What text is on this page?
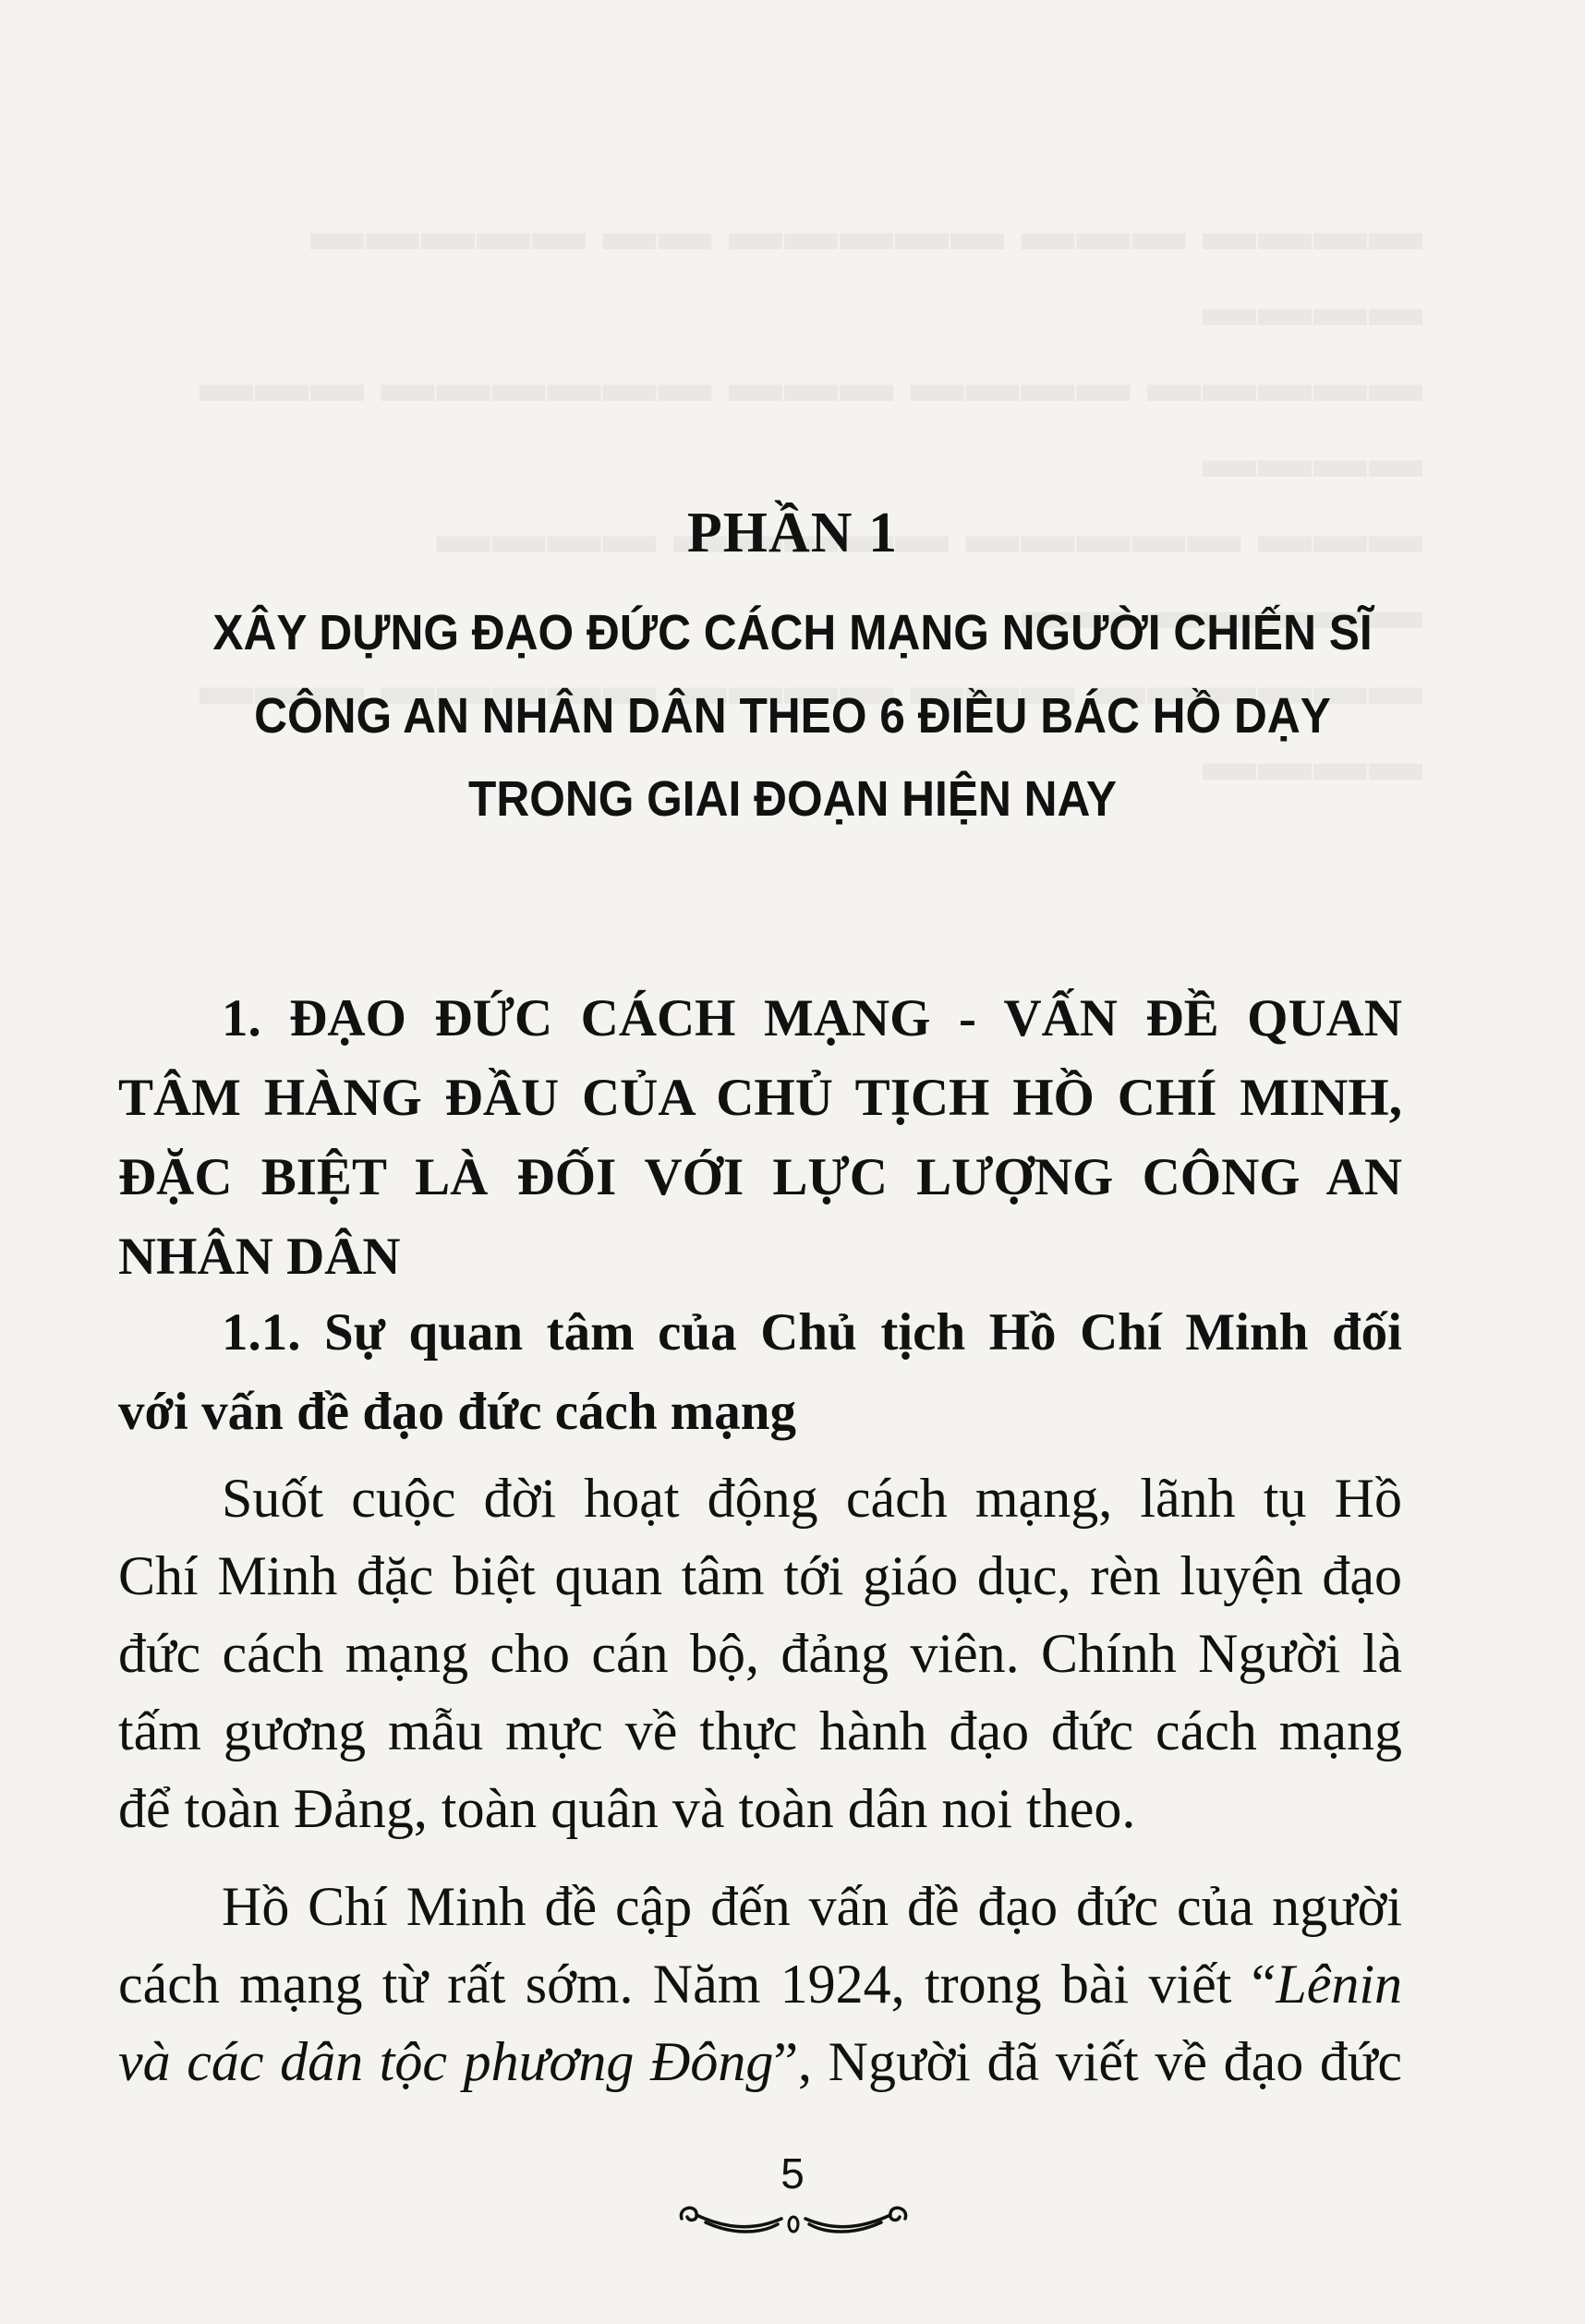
PHẦN 1
XÂY DỰNG ĐẠO ĐỨC CÁCH MẠNG NGƯỜI CHIẾN SĨ
CÔNG AN NHÂN DÂN THEO 6 ĐIỀU BÁC HỒ DẠY
TRONG GIAI ĐOẠN HIỆN NAY
1. ĐẠO ĐỨC CÁCH MẠNG - VẤN ĐỀ QUAN
TÂM HÀNG ĐẦU CỦA CHỦ TỊCH HỒ CHÍ MINH,
ĐẶC BIỆT LÀ ĐỐI VỚI LỰC LƯỢNG CÔNG AN
NHÂN DÂN
1.1. Sự quan tâm của Chủ tịch Hồ Chí Minh đối
với vấn đề đạo đức cách mạng
Suốt cuộc đời hoạt động cách mạng, lãnh tụ Hồ
Chí Minh đặc biệt quan tâm tới giáo dục, rèn luyện đạo
đức cách mạng cho cán bộ, đảng viên. Chính Người là
tấm gương mẫu mực về thực hành đạo đức cách mạng
để toàn Đảng, toàn quân và toàn dân noi theo.
Hồ Chí Minh đề cập đến vấn đề đạo đức của người
cách mạng từ rất sớm. Năm 1924, trong bài viết “Lênin
và các dân tộc phương Đông”, Người đã viết về đạo đức
5
